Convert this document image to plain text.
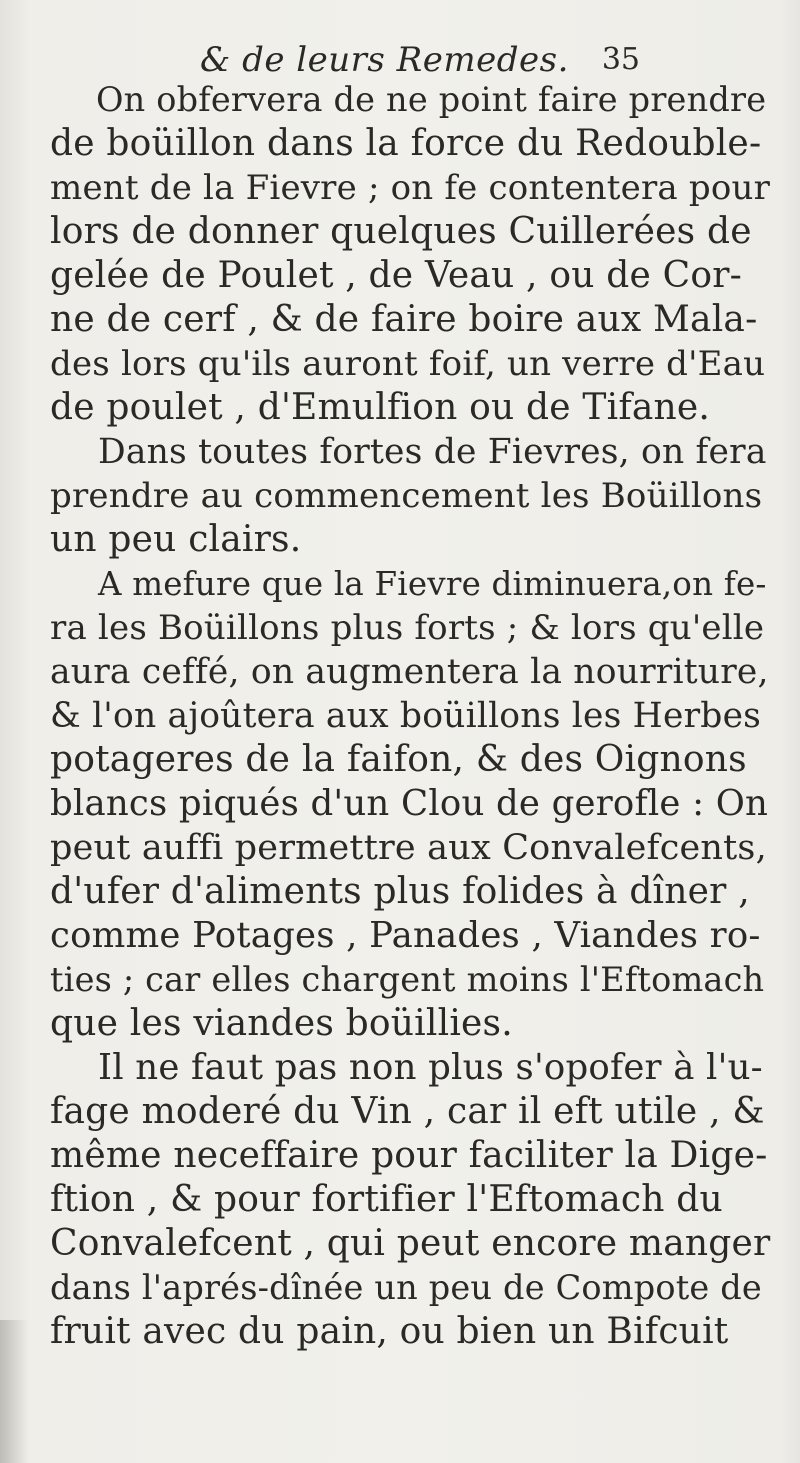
& de leurs Remedes. 35
On obfervera de ne point faire prendre
de boüillon dans la force du Redouble-
ment de la Fievre ; on fe contentera pour
lors de donner quelques Cuillerées de
gelée de Poulet , de Veau , ou de Cor-
ne de cerf , & de faire boire aux Mala-
des lors qu'ils auront foif, un verre d'Eau
de poulet , d'Emulfion ou de Tifane.
Dans toutes fortes de Fievres, on fera
prendre au commencement les Boüillons
un peu clairs.
A mefure que la Fievre diminuera,on fe-
ra les Boüillons plus forts ; & lors qu'elle
aura ceffé, on augmentera la nourriture,
& l'on ajoûtera aux boüillons les Herbes
potageres de la faifon, & des Oignons
blancs piqués d'un Clou de gerofle : On
peut auffi permettre aux Convalefcents,
d'ufer d'aliments plus folides à dîner ,
comme Potages , Panades , Viandes ro-
ties ; car elles chargent moins l'Eftomach
que les viandes boüillies.
Il ne faut pas non plus s'opofer à l'u-
fage moderé du Vin , car il eft utile , &
même neceffaire pour faciliter la Dige-
ftion , & pour fortifier l'Eftomach du
Convalefcent , qui peut encore manger
dans l'aprés-dînée un peu de Compote de
fruit avec du pain, ou bien un Bifcuit
